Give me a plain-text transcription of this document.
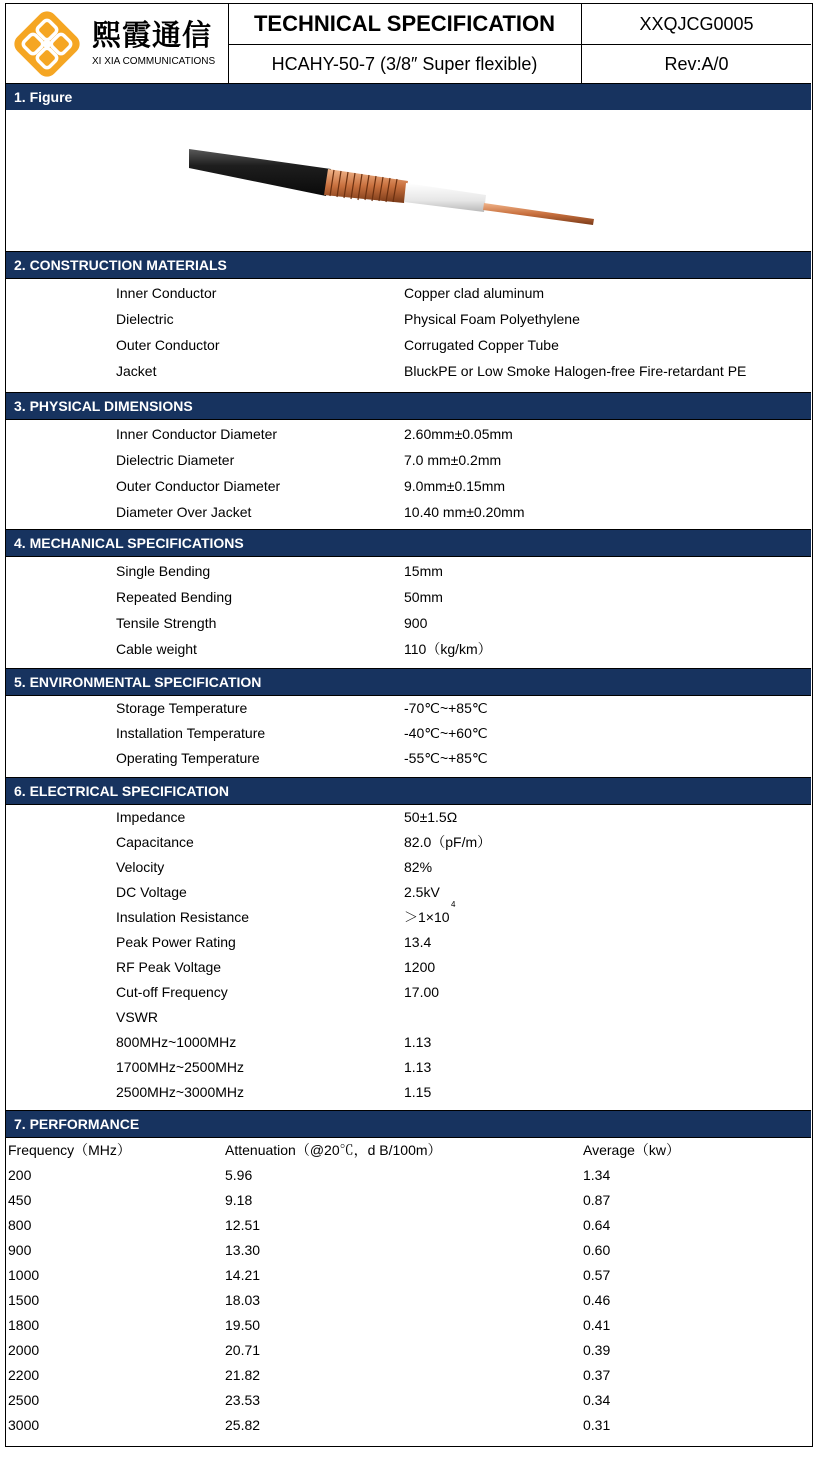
熙霞通信
XI XIA COMMUNICATIONS
TECHNICAL SPECIFICATION	XXQJCG0005
HCAHY-50-7 (3/8″ Super flexible)	Rev:A/0
1. Figure
2. CONSTRUCTION MATERIALS
Inner Conductor	Copper clad aluminum
Dielectric	Physical Foam Polyethylene
Outer Conductor	Corrugated Copper Tube
Jacket	BluckPE or Low Smoke Halogen-free Fire-retardant PE
3. PHYSICAL DIMENSIONS
Inner Conductor Diameter	2.60mm±0.05mm
Dielectric Diameter	7.0 mm±0.2mm
Outer Conductor Diameter	9.0mm±0.15mm
Diameter Over Jacket	10.40 mm±0.20mm
4. MECHANICAL SPECIFICATIONS
Single Bending	15mm
Repeated Bending	50mm
Tensile Strength	900
Cable weight	110（kg/km）
5. ENVIRONMENTAL SPECIFICATION
Storage Temperature	-70℃~+85℃
Installation Temperature	-40℃~+60℃
Operating Temperature	-55℃~+85℃
6. ELECTRICAL SPECIFICATION
Impedance	50±1.5Ω
Capacitance	82.0（pF/m）
Velocity	82%
DC Voltage	2.5kV
Insulation Resistance	＞1×10
4
Peak Power Rating	13.4
RF Peak Voltage	1200
Cut-off Frequency	17.00
VSWR
800MHz~1000MHz	1.13
1700MHz~2500MHz	1.13
2500MHz~3000MHz	1.15
7. PERFORMANCE
Frequency（MHz）	Attenuation（@20℃，d B/100m）	Average（kw）
200	5.96	1.34
450	9.18	0.87
800	12.51	0.64
900	13.30	0.60
1000	14.21	0.57
1500	18.03	0.46
1800	19.50	0.41
2000	20.71	0.39
2200	21.82	0.37
2500	23.53	0.34
3000	25.82	0.31
